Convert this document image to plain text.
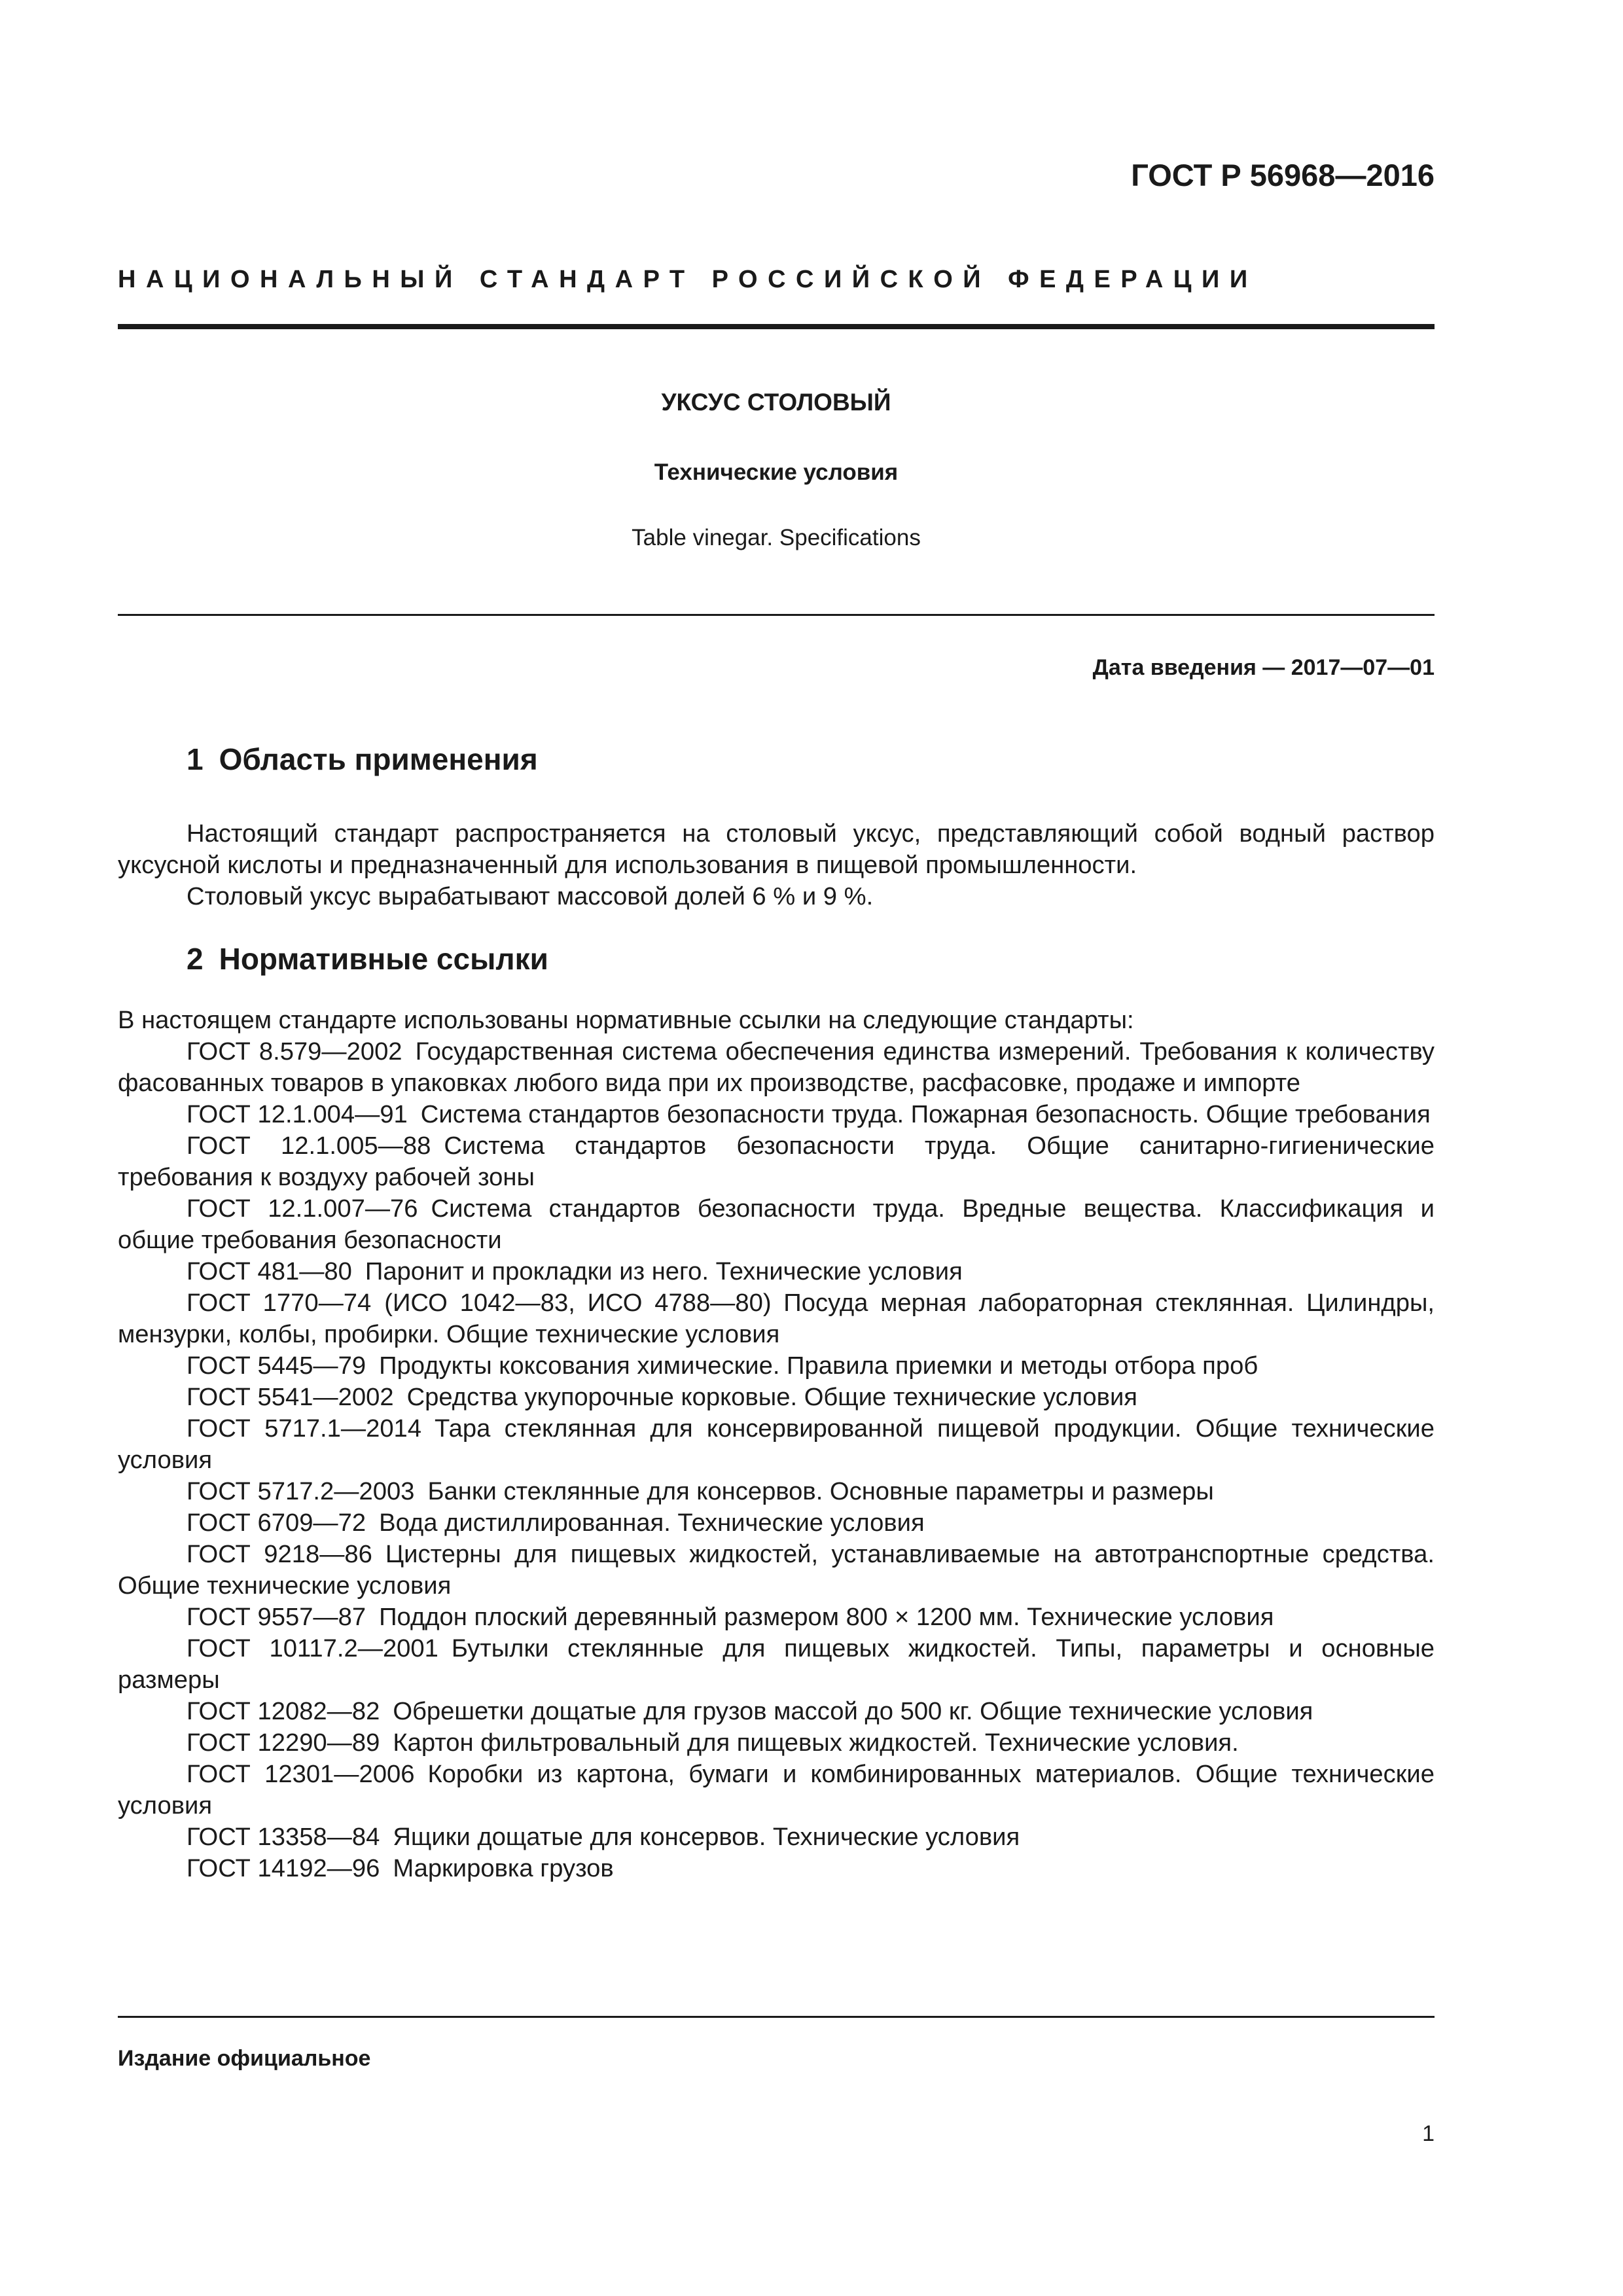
ГОСТ Р 56968—2016
НАЦИОНАЛЬНЫЙ СТАНДАРТ РОССИЙСКОЙ ФЕДЕРАЦИИ
УКСУС СТОЛОВЫЙ
Технические условия
Table vinegar. Specifications
Дата введения — 2017—07—01
1 Область применения

Настоящий стандарт распространяется на столовый уксус, представляющий собой водный раствор уксусной кислоты и предназначенный для использования в пищевой промышленности.

Столовый уксус вырабатывают массовой долей 6 % и 9 %.

2 Нормативные ссылки

В настоящем стандарте использованы нормативные ссылки на следующие стандарты:

ГОСТ 8.579—2002 Государственная система обеспечения единства измерений. Требования к количеству фасованных товаров в упаковках любого вида при их производстве, расфасовке, продаже и импорте

ГОСТ 12.1.004—91 Система стандартов безопасности труда. Пожарная безопасность. Общие требования

ГОСТ 12.1.005—88 Система стандартов безопасности труда. Общие санитарно-гигиенические требования к воздуху рабочей зоны

ГОСТ 12.1.007—76 Система стандартов безопасности труда. Вредные вещества. Классификация и общие требования безопасности

ГОСТ 481—80 Паронит и прокладки из него. Технические условия

ГОСТ 1770—74 (ИСО 1042—83, ИСО 4788—80) Посуда мерная лабораторная стеклянная. Цилиндры, мензурки, колбы, пробирки. Общие технические условия

ГОСТ 5445—79 Продукты коксования химические. Правила приемки и методы отбора проб

ГОСТ 5541—2002 Средства укупорочные корковые. Общие технические условия

ГОСТ 5717.1—2014 Тара стеклянная для консервированной пищевой продукции. Общие технические условия

ГОСТ 5717.2—2003 Банки стеклянные для консервов. Основные параметры и размеры

ГОСТ 6709—72 Вода дистиллированная. Технические условия

ГОСТ 9218—86 Цистерны для пищевых жидкостей, устанавливаемые на автотранспортные средства. Общие технические условия

ГОСТ 9557—87 Поддон плоский деревянный размером 800 × 1200 мм. Технические условия

ГОСТ 10117.2—2001 Бутылки стеклянные для пищевых жидкостей. Типы, параметры и основные размеры

ГОСТ 12082—82 Обрешетки дощатые для грузов массой до 500 кг. Общие технические условия

ГОСТ 12290—89 Картон фильтровальный для пищевых жидкостей. Технические условия.

ГОСТ 12301—2006 Коробки из картона, бумаги и комбинированных материалов. Общие технические условия

ГОСТ 13358—84 Ящики дощатые для консервов. Технические условия

ГОСТ 14192—96 Маркировка грузов

Издание официальное
1
